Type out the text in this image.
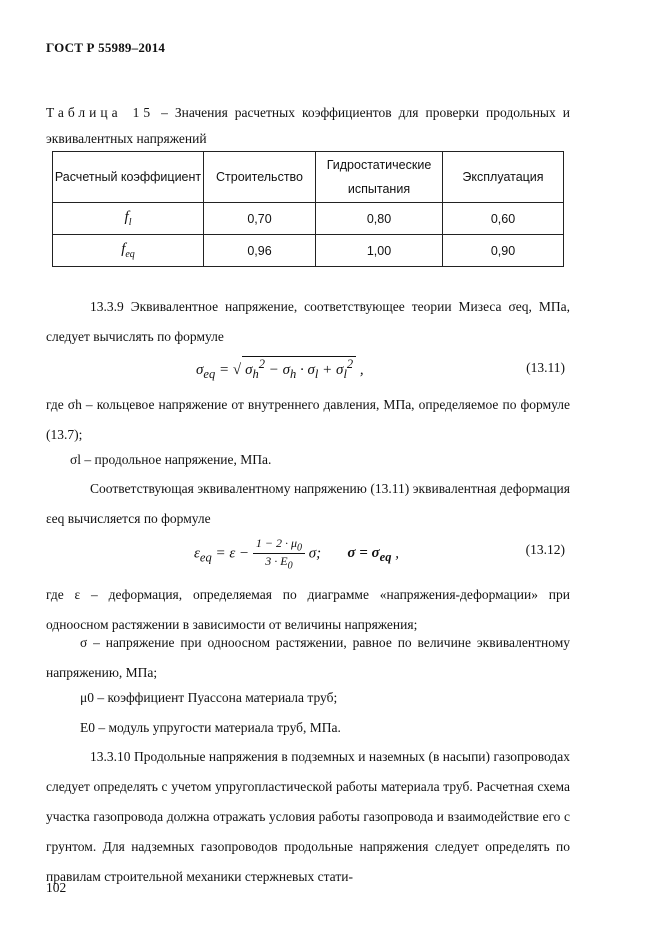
ГОСТ Р 55989–2014
Таблица 15 – Значения расчетных коэффициентов для проверки продольных и эквивалентных напряжений
Расчетный коэффициент	Строительство	Гидростатические испытания	Эксплуатация
$f_l$	0,70	0,80	0,60
$f_{eq}$	0,96	1,00	0,90
13.3.9 Эквивалентное напряжение, соответствующее теории Мизеса σeq, МПа, следует вычислять по формуле
$\sigma_{eq}$ = √ $\sigma_h^2 - \sigma_h \cdot \sigma_l + \sigma_l^2$ ,	(13.11)
где σh – кольцевое напряжение от внутреннего давления, МПа, определяемое по формуле (13.7);
σl – продольное напряжение, МПа.
Соответствующая эквивалентному напряжению (13.11) эквивалентная деформация εeq вычисляется по формуле
$\varepsilon_{eq} = \varepsilon - \frac{1 - 2 \cdot \mu_0}{3 \cdot E_0} \sigma$;       $\sigma = \sigma_{eq}$ ,	(13.12)
где ε – деформация, определяемая по диаграмме «напряжения-деформации» при одноосном растяжении в зависимости от величины напряжения;
σ – напряжение при одноосном растяжении, равное по величине эквивалентному напряжению, МПа;
μ0 – коэффициент Пуассона материала труб;
E0 – модуль упругости материала труб, МПа.
13.3.10 Продольные напряжения в подземных и наземных (в насыпи) газопроводах следует определять с учетом упругопластической работы материала труб. Расчетная схема участка газопровода должна отражать условия работы газопровода и взаимодействие его с грунтом. Для надземных газопроводов продольные напряжения следует определять по правилам строительной механики стержневых стати-
102
